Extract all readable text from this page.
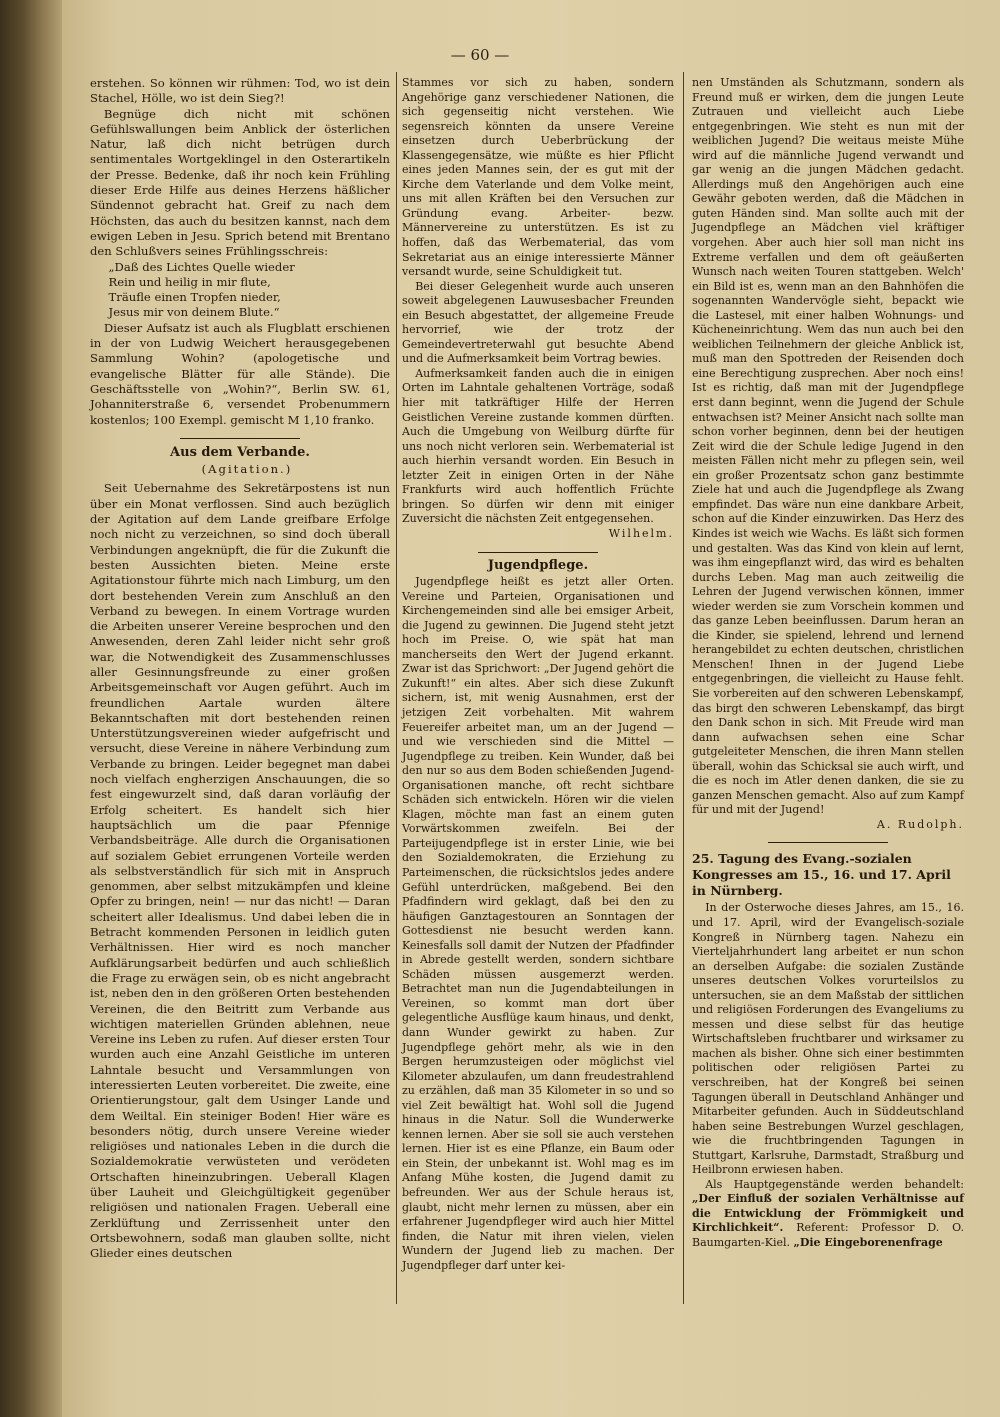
— 60 —

erstehen. So können wir rühmen: Tod, wo ist dein Stachel, Hölle, wo ist dein Sieg?!

Begnüge dich nicht mit schönen Gefühlswallungen beim Anblick der österlichen Natur, laß dich nicht betrügen durch sentimentales Wortgeklingel in den Osterartikeln der Presse. Bedenke, daß ihr noch kein Frühling dieser Erde Hilfe aus deines Herzens häßlicher Sündennot gebracht hat. Greif zu nach dem Höchsten, das auch du besitzen kannst, nach dem ewigen Leben in Jesu. Sprich betend mit Brentano den Schlußvers seines Frühlingsschreis:

„Daß des Lichtes Quelle wieder

Rein und heilig in mir flute,

Träufle einen Tropfen nieder,

Jesus mir von deinem Blute.“

Dieser Aufsatz ist auch als Flugblatt erschienen in der von Ludwig Weichert herausgegebenen Sammlung Wohin? (apologetische und evangelische Blätter für alle Stände). Die Geschäftsstelle von „Wohin?“, Berlin SW. 61, Johanniterstraße 6, versendet Probenummern kostenlos; 100 Exempl. gemischt M 1,10 franko.

Aus dem Verbande.

(Agitation.)

Seit Uebernahme des Sekretärpostens ist nun über ein Monat verflossen. Sind auch bezüglich der Agitation auf dem Lande greifbare Erfolge noch nicht zu verzeichnen, so sind doch überall Verbindungen angeknüpft, die für die Zukunft die besten Aussichten bieten. Meine erste Agitationstour führte mich nach Limburg, um den dort bestehenden Verein zum Anschluß an den Verband zu bewegen. In einem Vortrage wurden die Arbeiten unserer Vereine besprochen und den Anwesenden, deren Zahl leider nicht sehr groß war, die Notwendigkeit des Zusammenschlusses aller Gesinnungsfreunde zu einer großen Arbeitsgemeinschaft vor Augen geführt. Auch im freundlichen Aartale wurden ältere Bekanntschaften mit dort bestehenden reinen Unterstützungsvereinen wieder aufgefrischt und versucht, diese Vereine in nähere Verbindung zum Verbande zu bringen. Leider begegnet man dabei noch vielfach engherzigen Anschauungen, die so fest eingewurzelt sind, daß daran vorläufig der Erfolg scheitert. Es handelt sich hier hauptsächlich um die paar Pfennige Verbandsbeiträge. Alle durch die Organisationen auf sozialem Gebiet errungenen Vorteile werden als selbstverständlich für sich mit in Anspruch genommen, aber selbst mitzukämpfen und kleine Opfer zu bringen, nein! — nur das nicht! — Daran scheitert aller Idealismus. Und dabei leben die in Betracht kommenden Personen in leidlich guten Verhältnissen. Hier wird es noch mancher Aufklärungsarbeit bedürfen und auch schließlich die Frage zu erwägen sein, ob es nicht angebracht ist, neben den in den größeren Orten bestehenden Vereinen, die den Beitritt zum Verbande aus wichtigen materiellen Gründen ablehnen, neue Vereine ins Leben zu rufen. Auf dieser ersten Tour wurden auch eine Anzahl Geistliche im unteren Lahntale besucht und Versammlungen von interessierten Leuten vorbereitet. Die zweite, eine Orientierungstour, galt dem Usinger Lande und dem Weiltal. Ein steiniger Boden! Hier wäre es besonders nötig, durch unsere Vereine wieder religiöses und nationales Leben in die durch die Sozialdemokratie verwüsteten und verödeten Ortschaften hineinzubringen. Ueberall Klagen über Lauheit und Gleichgültigkeit gegenüber religiösen und nationalen Fragen. Ueberall eine Zerklüftung und Zerrissenheit unter den Ortsbewohnern, sodaß man glauben sollte, nicht Glieder eines deutschen

Stammes vor sich zu haben, sondern Angehörige ganz verschiedener Nationen, die sich gegenseitig nicht verstehen. Wie segensreich könnten da unsere Vereine einsetzen durch Ueberbrückung der Klassengegensätze, wie müßte es hier Pflicht eines jeden Mannes sein, der es gut mit der Kirche dem Vaterlande und dem Volke meint, uns mit allen Kräften bei den Versuchen zur Gründung evang. Arbeiter- bezw. Männervereine zu unterstützen. Es ist zu hoffen, daß das Werbematerial, das vom Sekretariat aus an einige interessierte Männer versandt wurde, seine Schuldigkeit tut.

Bei dieser Gelegenheit wurde auch unseren soweit abgelegenen Lauwusesbacher Freunden ein Besuch abgestattet, der allgemeine Freude hervorrief, wie der trotz der Gemeindevertreterwahl gut besuchte Abend und die Aufmerksamkeit beim Vortrag bewies.

Aufmerksamkeit fanden auch die in einigen Orten im Lahntale gehaltenen Vorträge, sodaß hier mit tatkräftiger Hilfe der Herren Geistlichen Vereine zustande kommen dürften. Auch die Umgebung von Weilburg dürfte für uns noch nicht verloren sein. Werbematerial ist auch hierhin versandt worden. Ein Besuch in letzter Zeit in einigen Orten in der Nähe Frankfurts wird auch hoffentlich Früchte bringen. So dürfen wir denn mit einiger Zuversicht die nächsten Zeit entgegensehen.

Wilhelm.

Jugendpflege.

Jugendpflege heißt es jetzt aller Orten. Vereine und Parteien, Organisationen und Kirchengemeinden sind alle bei emsiger Arbeit, die Jugend zu gewinnen. Die Jugend steht jetzt hoch im Preise. O, wie spät hat man mancherseits den Wert der Jugend erkannt. Zwar ist das Sprichwort: „Der Jugend gehört die Zukunft!“ ein altes. Aber sich diese Zukunft sichern, ist, mit wenig Ausnahmen, erst der jetzigen Zeit vorbehalten. Mit wahrem Feuereifer arbeitet man, um an der Jugend — und wie verschieden sind die Mittel — Jugendpflege zu treiben. Kein Wunder, daß bei den nur so aus dem Boden schießenden Jugend-Organisationen manche, oft recht sichtbare Schäden sich entwickeln. Hören wir die vielen Klagen, möchte man fast an einem guten Vorwärtskommen zweifeln. Bei der Parteijugendpflege ist in erster Linie, wie bei den Sozialdemokraten, die Erziehung zu Parteimenschen, die rücksichtslos jedes andere Gefühl unterdrücken, maßgebend. Bei den Pfadfindern wird geklagt, daß bei den zu häufigen Ganztagestouren an Sonntagen der Gottesdienst nie besucht werden kann. Keinesfalls soll damit der Nutzen der Pfadfinder in Abrede gestellt werden, sondern sichtbare Schäden müssen ausgemerzt werden. Betrachtet man nun die Jugendabteilungen in Vereinen, so kommt man dort über gelegentliche Ausflüge kaum hinaus, und denkt, dann Wunder gewirkt zu haben. Zur Jugendpflege gehört mehr, als wie in den Bergen herumzusteigen oder möglichst viel Kilometer abzulaufen, um dann freudestrahlend zu erzählen, daß man 35 Kilometer in so und so viel Zeit bewältigt hat. Wohl soll die Jugend hinaus in die Natur. Soll die Wunderwerke kennen lernen. Aber sie soll sie auch verstehen lernen. Hier ist es eine Pflanze, ein Baum oder ein Stein, der unbekannt ist. Wohl mag es im Anfang Mühe kosten, die Jugend damit zu befreunden. Wer aus der Schule heraus ist, glaubt, nicht mehr lernen zu müssen, aber ein erfahrener Jugendpfleger wird auch hier Mittel finden, die Natur mit ihren vielen, vielen Wundern der Jugend lieb zu machen. Der Jugendpfleger darf unter kei-

nen Umständen als Schutzmann, sondern als Freund muß er wirken, dem die jungen Leute Zutrauen und vielleicht auch Liebe entgegenbringen. Wie steht es nun mit der weiblichen Jugend? Die weitaus meiste Mühe wird auf die männliche Jugend verwandt und gar wenig an die jungen Mädchen gedacht. Allerdings muß den Angehörigen auch eine Gewähr geboten werden, daß die Mädchen in guten Händen sind. Man sollte auch mit der Jugendpflege an Mädchen viel kräftiger vorgehen. Aber auch hier soll man nicht ins Extreme verfallen und dem oft geäußerten Wunsch nach weiten Touren stattgeben. Welch' ein Bild ist es, wenn man an den Bahnhöfen die sogenannten Wandervögle sieht, bepackt wie die Lastesel, mit einer halben Wohnungs- und Kücheneinrichtung. Wem das nun auch bei den weiblichen Teilnehmern der gleiche Anblick ist, muß man den Spottreden der Reisenden doch eine Berechtigung zusprechen. Aber noch eins! Ist es richtig, daß man mit der Jugendpflege erst dann beginnt, wenn die Jugend der Schule entwachsen ist? Meiner Ansicht nach sollte man schon vorher beginnen, denn bei der heutigen Zeit wird die der Schule ledige Jugend in den meisten Fällen nicht mehr zu pflegen sein, weil ein großer Prozentsatz schon ganz bestimmte Ziele hat und auch die Jugendpflege als Zwang empfindet. Das wäre nun eine dankbare Arbeit, schon auf die Kinder einzuwirken. Das Herz des Kindes ist weich wie Wachs. Es läßt sich formen und gestalten. Was das Kind von klein auf lernt, was ihm eingepflanzt wird, das wird es behalten durchs Leben. Mag man auch zeitweilig die Lehren der Jugend verwischen können, immer wieder werden sie zum Vorschein kommen und das ganze Leben beeinflussen. Darum heran an die Kinder, sie spielend, lehrend und lernend herangebildet zu echten deutschen, christlichen Menschen! Ihnen in der Jugend Liebe entgegenbringen, die vielleicht zu Hause fehlt. Sie vorbereiten auf den schweren Lebenskampf, das birgt den schweren Lebenskampf, das birgt den Dank schon in sich. Mit Freude wird man dann aufwachsen sehen eine Schar gutgeleiteter Menschen, die ihren Mann stellen überall, wohin das Schicksal sie auch wirft, und die es noch im Atler denen danken, die sie zu ganzen Menschen gemacht. Also auf zum Kampf für und mit der Jugend!

A. Rudolph.

25. Tagung des Evang.-sozialen Kongresses am 15., 16. und 17. April in Nürnberg.

In der Osterwoche dieses Jahres, am 15., 16. und 17. April, wird der Evangelisch-soziale Kongreß in Nürnberg tagen. Nahezu ein Vierteljahrhundert lang arbeitet er nun schon an derselben Aufgabe: die sozialen Zustände unseres deutschen Volkes vorurteilslos zu untersuchen, sie an dem Maßstab der sittlichen und religiösen Forderungen des Evangeliums zu messen und diese selbst für das heutige Wirtschaftsleben fruchtbarer und wirksamer zu machen als bisher. Ohne sich einer bestimmten politischen oder religiösen Partei zu verschreiben, hat der Kongreß bei seinen Tagungen überall in Deutschland Anhänger und Mitarbeiter gefunden. Auch in Süddeutschland haben seine Bestrebungen Wurzel geschlagen, wie die fruchtbringenden Tagungen in Stuttgart, Karlsruhe, Darmstadt, Straßburg und Heilbronn erwiesen haben.

Als Hauptgegenstände werden behandelt: „Der Einfluß der sozialen Verhältnisse auf die Entwicklung der Frömmigkeit und Kirchlichkeit“. Referent: Professor D. O. Baumgarten-Kiel. „Die Eingeborenenfrage
